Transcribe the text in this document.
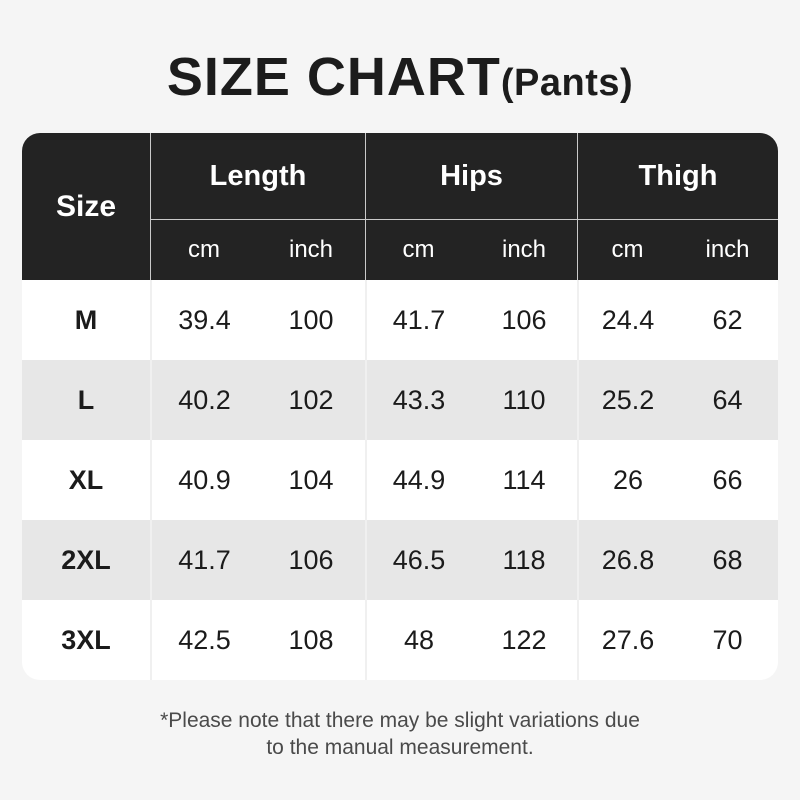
SIZE CHART(Pants)
Size	Length		Hips		Thigh	
	cm	inch	cm	inch	cm	inch
M	39.4	100	41.7	106	24.4	62
L	40.2	102	43.3	110	25.2	64
XL	40.9	104	44.9	114	26	66
2XL	41.7	106	46.5	118	26.8	68
3XL	42.5	108	48	122	27.6	70

*Please note that there may be slight variations due
to the manual measurement.
